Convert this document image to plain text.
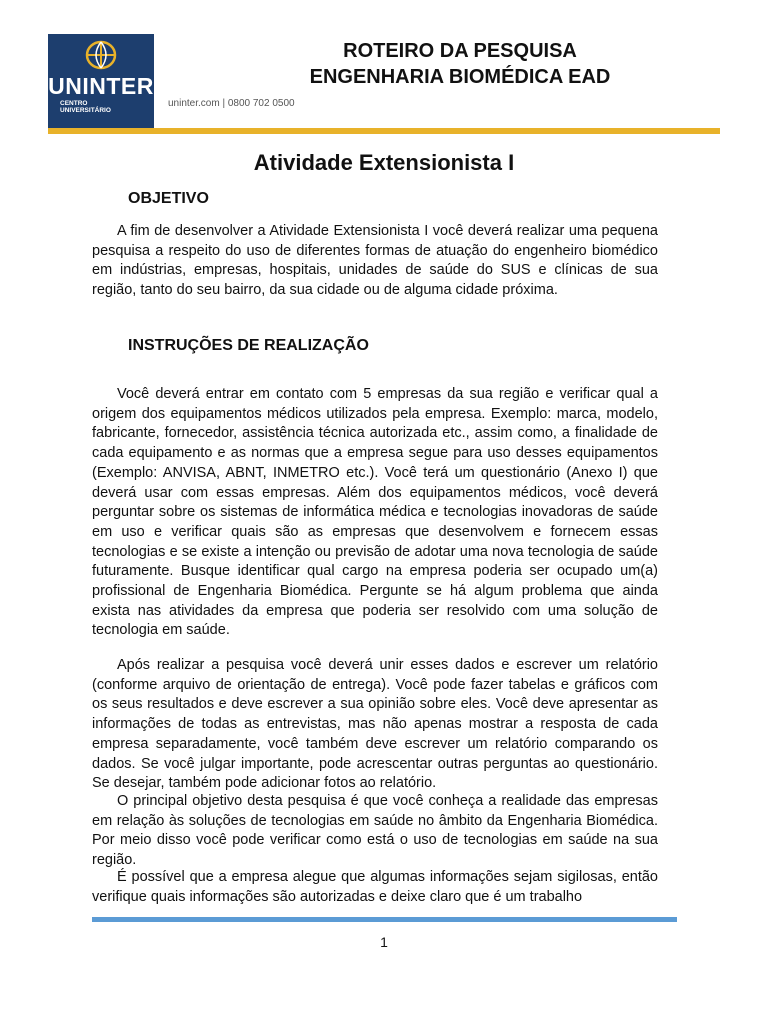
UNINTER
CENTRO
UNIVERSITÁRIO
uninter.com | 0800 702 0500
ROTEIRO DA PESQUISA
ENGENHARIA BIOMÉDICA EAD
Atividade Extensionista I
OBJETIVO

A fim de desenvolver a Atividade Extensionista I você deverá realizar uma pequena pesquisa a respeito do uso de diferentes formas de atuação do engenheiro biomédico em indústrias, empresas, hospitais, unidades de saúde do SUS e clínicas de sua região, tanto do seu bairro, da sua cidade ou de alguma cidade próxima.

INSTRUÇÕES DE REALIZAÇÃO

Você deverá entrar em contato com 5 empresas da sua região e verificar qual a origem dos equipamentos médicos utilizados pela empresa. Exemplo: marca, modelo, fabricante, fornecedor, assistência técnica autorizada etc., assim como, a finalidade de cada equipamento e as normas que a empresa segue para uso desses equipamentos (Exemplo: ANVISA, ABNT, INMETRO etc.). Você terá um questionário (Anexo I) que deverá usar com essas empresas. Além dos equipamentos médicos, você deverá perguntar sobre os sistemas de informática médica e tecnologias inovadoras de saúde em uso e verificar quais são as empresas que desenvolvem e fornecem essas tecnologias e se existe a intenção ou previsão de adotar uma nova tecnologia de saúde futuramente. Busque identificar qual cargo na empresa poderia ser ocupado um(a) profissional de Engenharia Biomédica. Pergunte se há algum problema que ainda exista nas atividades da empresa que poderia ser resolvido com uma solução de tecnologia em saúde.

Após realizar a pesquisa você deverá unir esses dados e escrever um relatório (conforme arquivo de orientação de entrega). Você pode fazer tabelas e gráficos com os seus resultados e deve escrever a sua opinião sobre eles. Você deve apresentar as informações de todas as entrevistas, mas não apenas mostrar a resposta de cada empresa separadamente, você também deve escrever um relatório comparando os dados. Se você julgar importante, pode acrescentar outras perguntas ao questionário. Se desejar, também pode adicionar fotos ao relatório.

O principal objetivo desta pesquisa é que você conheça a realidade das empresas em relação às soluções de tecnologias em saúde no âmbito da Engenharia Biomédica. Por meio disso você pode verificar como está o uso de tecnologias em saúde na sua região.

É possível que a empresa alegue que algumas informações sejam sigilosas, então verifique quais informações são autorizadas e deixe claro que é um trabalho

1
